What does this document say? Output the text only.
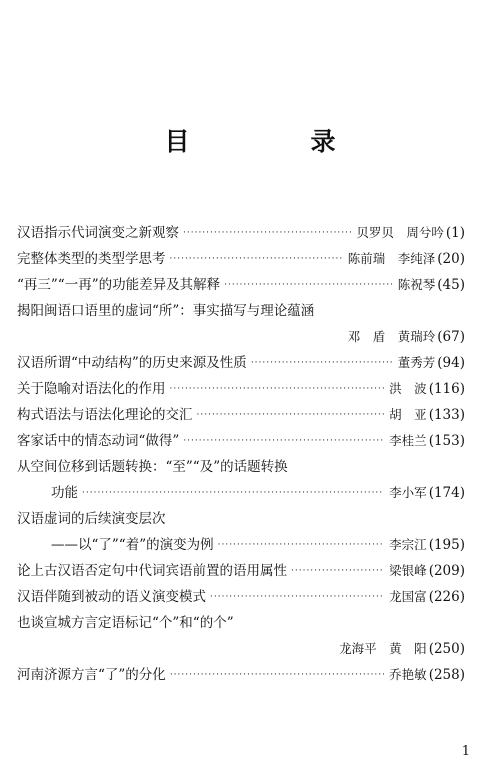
目　录
汉语指示代词演变之新观察 ·····	贝罗贝　周兮吟 (1)
完整体类型的类型学思考 ·····	陈前瑞　李纯泽 (20)
“再三”“一再”的功能差异及其解释 ·····	陈祝琴 (45)
揭阳闽语口语里的虚词“所”：事实描写与理论蕴涵
邓　盾　黄瑞玲 (67)
汉语所谓“中动结构”的历史来源及性质 ·····	董秀芳 (94)
关于隐喻对语法化的作用 ·····	洪　波 (116)
构式语法与语法化理论的交汇 ·····	胡　亚 (133)
客家话中的情态动词“做得” ·····	李桂兰 (153)
从空间位移到话题转换：“至”“及”的话题转换
功能 ·····	李小军 (174)
汉语虚词的后续演变层次
——以“了”“着”的演变为例 ·····	李宗江 (195)
论上古汉语否定句中代词宾语前置的语用属性 ·····	梁银峰 (209)
汉语伴随到被动的语义演变模式 ·····	龙国富 (226)
也谈宣城方言定语标记“个”和“的个”
龙海平　黄　阳 (250)
河南济源方言“了”的分化 ·····	乔艳敏 (258)
1
